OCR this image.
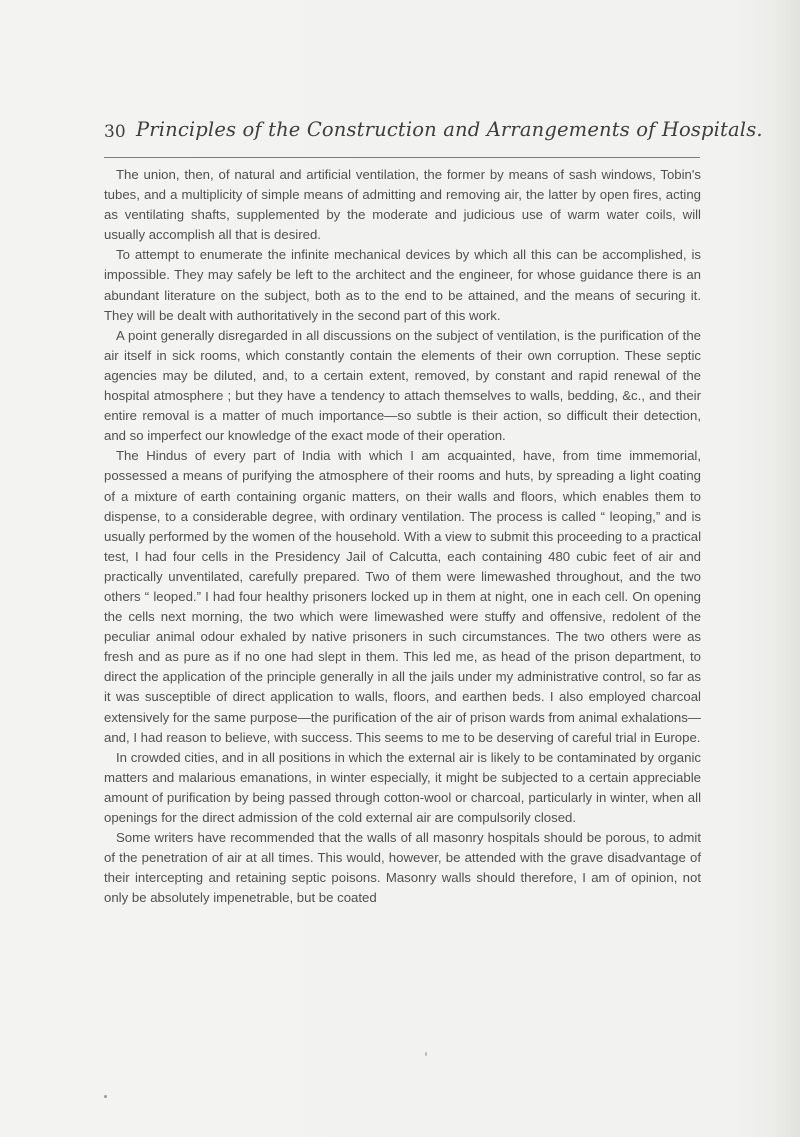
30 Principles of the Construction and Arrangements of Hospitals.

The union, then, of natural and artificial ventilation, the former by means of sash windows, Tobin's tubes, and a multiplicity of simple means of admitting and removing air, the latter by open fires, acting as ventilating shafts, supplemented by the moderate and judicious use of warm water coils, will usually accomplish all that is desired.

To attempt to enumerate the infinite mechanical devices by which all this can be accomplished, is impossible. They may safely be left to the architect and the engineer, for whose guidance there is an abundant literature on the subject, both as to the end to be attained, and the means of securing it. They will be dealt with authoritatively in the second part of this work.

A point generally disregarded in all discussions on the subject of ventilation, is the purification of the air itself in sick rooms, which constantly contain the elements of their own corruption. These septic agencies may be diluted, and, to a certain extent, removed, by constant and rapid renewal of the hospital atmosphere ; but they have a tendency to attach themselves to walls, bedding, &c., and their entire removal is a matter of much importance—so subtle is their action, so difficult their detection, and so imperfect our knowledge of the exact mode of their operation.

The Hindus of every part of India with which I am acquainted, have, from time immemorial, possessed a means of purifying the atmosphere of their rooms and huts, by spreading a light coating of a mixture of earth containing organic matters, on their walls and floors, which enables them to dispense, to a considerable degree, with ordinary ventilation. The process is called “ leoping,” and is usually performed by the women of the household. With a view to submit this proceeding to a practical test, I had four cells in the Presidency Jail of Calcutta, each containing 480 cubic feet of air and practically unventilated, carefully prepared. Two of them were limewashed throughout, and the two others “ leoped.” I had four healthy prisoners locked up in them at night, one in each cell. On opening the cells next morning, the two which were limewashed were stuffy and offensive, redolent of the peculiar animal odour exhaled by native prisoners in such circumstances. The two others were as fresh and as pure as if no one had slept in them. This led me, as head of the prison department, to direct the application of the principle generally in all the jails under my administrative control, so far as it was susceptible of direct application to walls, floors, and earthen beds. I also employed charcoal extensively for the same purpose—the purification of the air of prison wards from animal exhalations—and, I had reason to believe, with success. This seems to me to be deserving of careful trial in Europe.

In crowded cities, and in all positions in which the external air is likely to be contaminated by organic matters and malarious emanations, in winter especially, it might be subjected to a certain appreciable amount of purification by being passed through cotton-wool or charcoal, particularly in winter, when all openings for the direct admission of the cold external air are compulsorily closed.

Some writers have recommended that the walls of all masonry hospitals should be porous, to admit of the penetration of air at all times. This would, however, be attended with the grave disadvantage of their intercepting and retaining septic poisons. Masonry walls should therefore, I am of opinion, not only be absolutely impenetrable, but be coated
